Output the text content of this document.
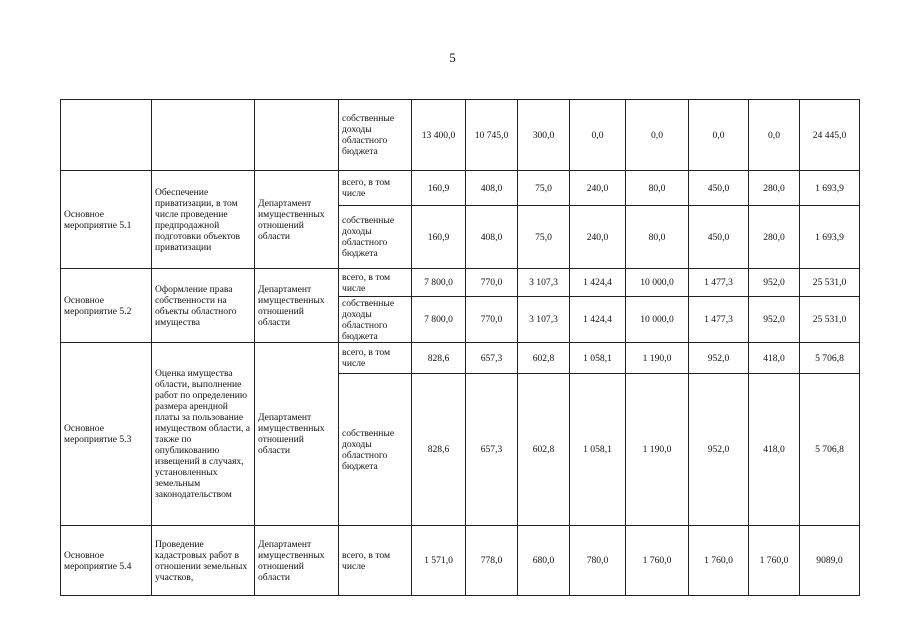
5
			собственные доходы областного бюджета	13 400,0	10 745,0	300,0	0,0	0,0	0,0	0,0	24 445,0
Основное мероприятие 5.1	Обеспечение приватизации, в том числе проведение предпродажной подготовки объектов приватизации	Департамент имущественных отношений области	всего, в том числе	160,9	408,0	75,0	240,0	80,0	450,0	280,0	1 693,9
			собственные доходы областного бюджета	160,9	408,0	75,0	240,0	80,0	450,0	280,0	1 693,9
Основное мероприятие 5.2	Оформление права собственности на объекты областного имущества	Департамент имущественных отношений области	всего, в том числе	7 800,0	770,0	3 107,3	1 424,4	10 000,0	1 477,3	952,0	25 531,0
			собственные доходы областного бюджета	7 800,0	770,0	3 107,3	1 424,4	10 000,0	1 477,3	952,0	25 531,0
Основное мероприятие 5.3	Оценка имущества области, выполнение работ по определению размера арендной платы за пользование имуществом области, а также по опубликованию извещений в случаях, установленных земельным законодательством	Департамент имущественных отношений области	всего, в том числе	828,6	657,3	602,8	1 058,1	1 190,0	952,0	418,0	5 706,8
			собственные доходы областного бюджета	828,6	657,3	602,8	1 058,1	1 190,0	952,0	418,0	5 706,8
Основное мероприятие 5.4	Проведение кадастровых работ в отношении земельных участков,	Департамент имущественных отношений области	всего, в том числе	1 571,0	778,0	680,0	780,0	1 760,0	1 760,0	1 760,0	9089,0
